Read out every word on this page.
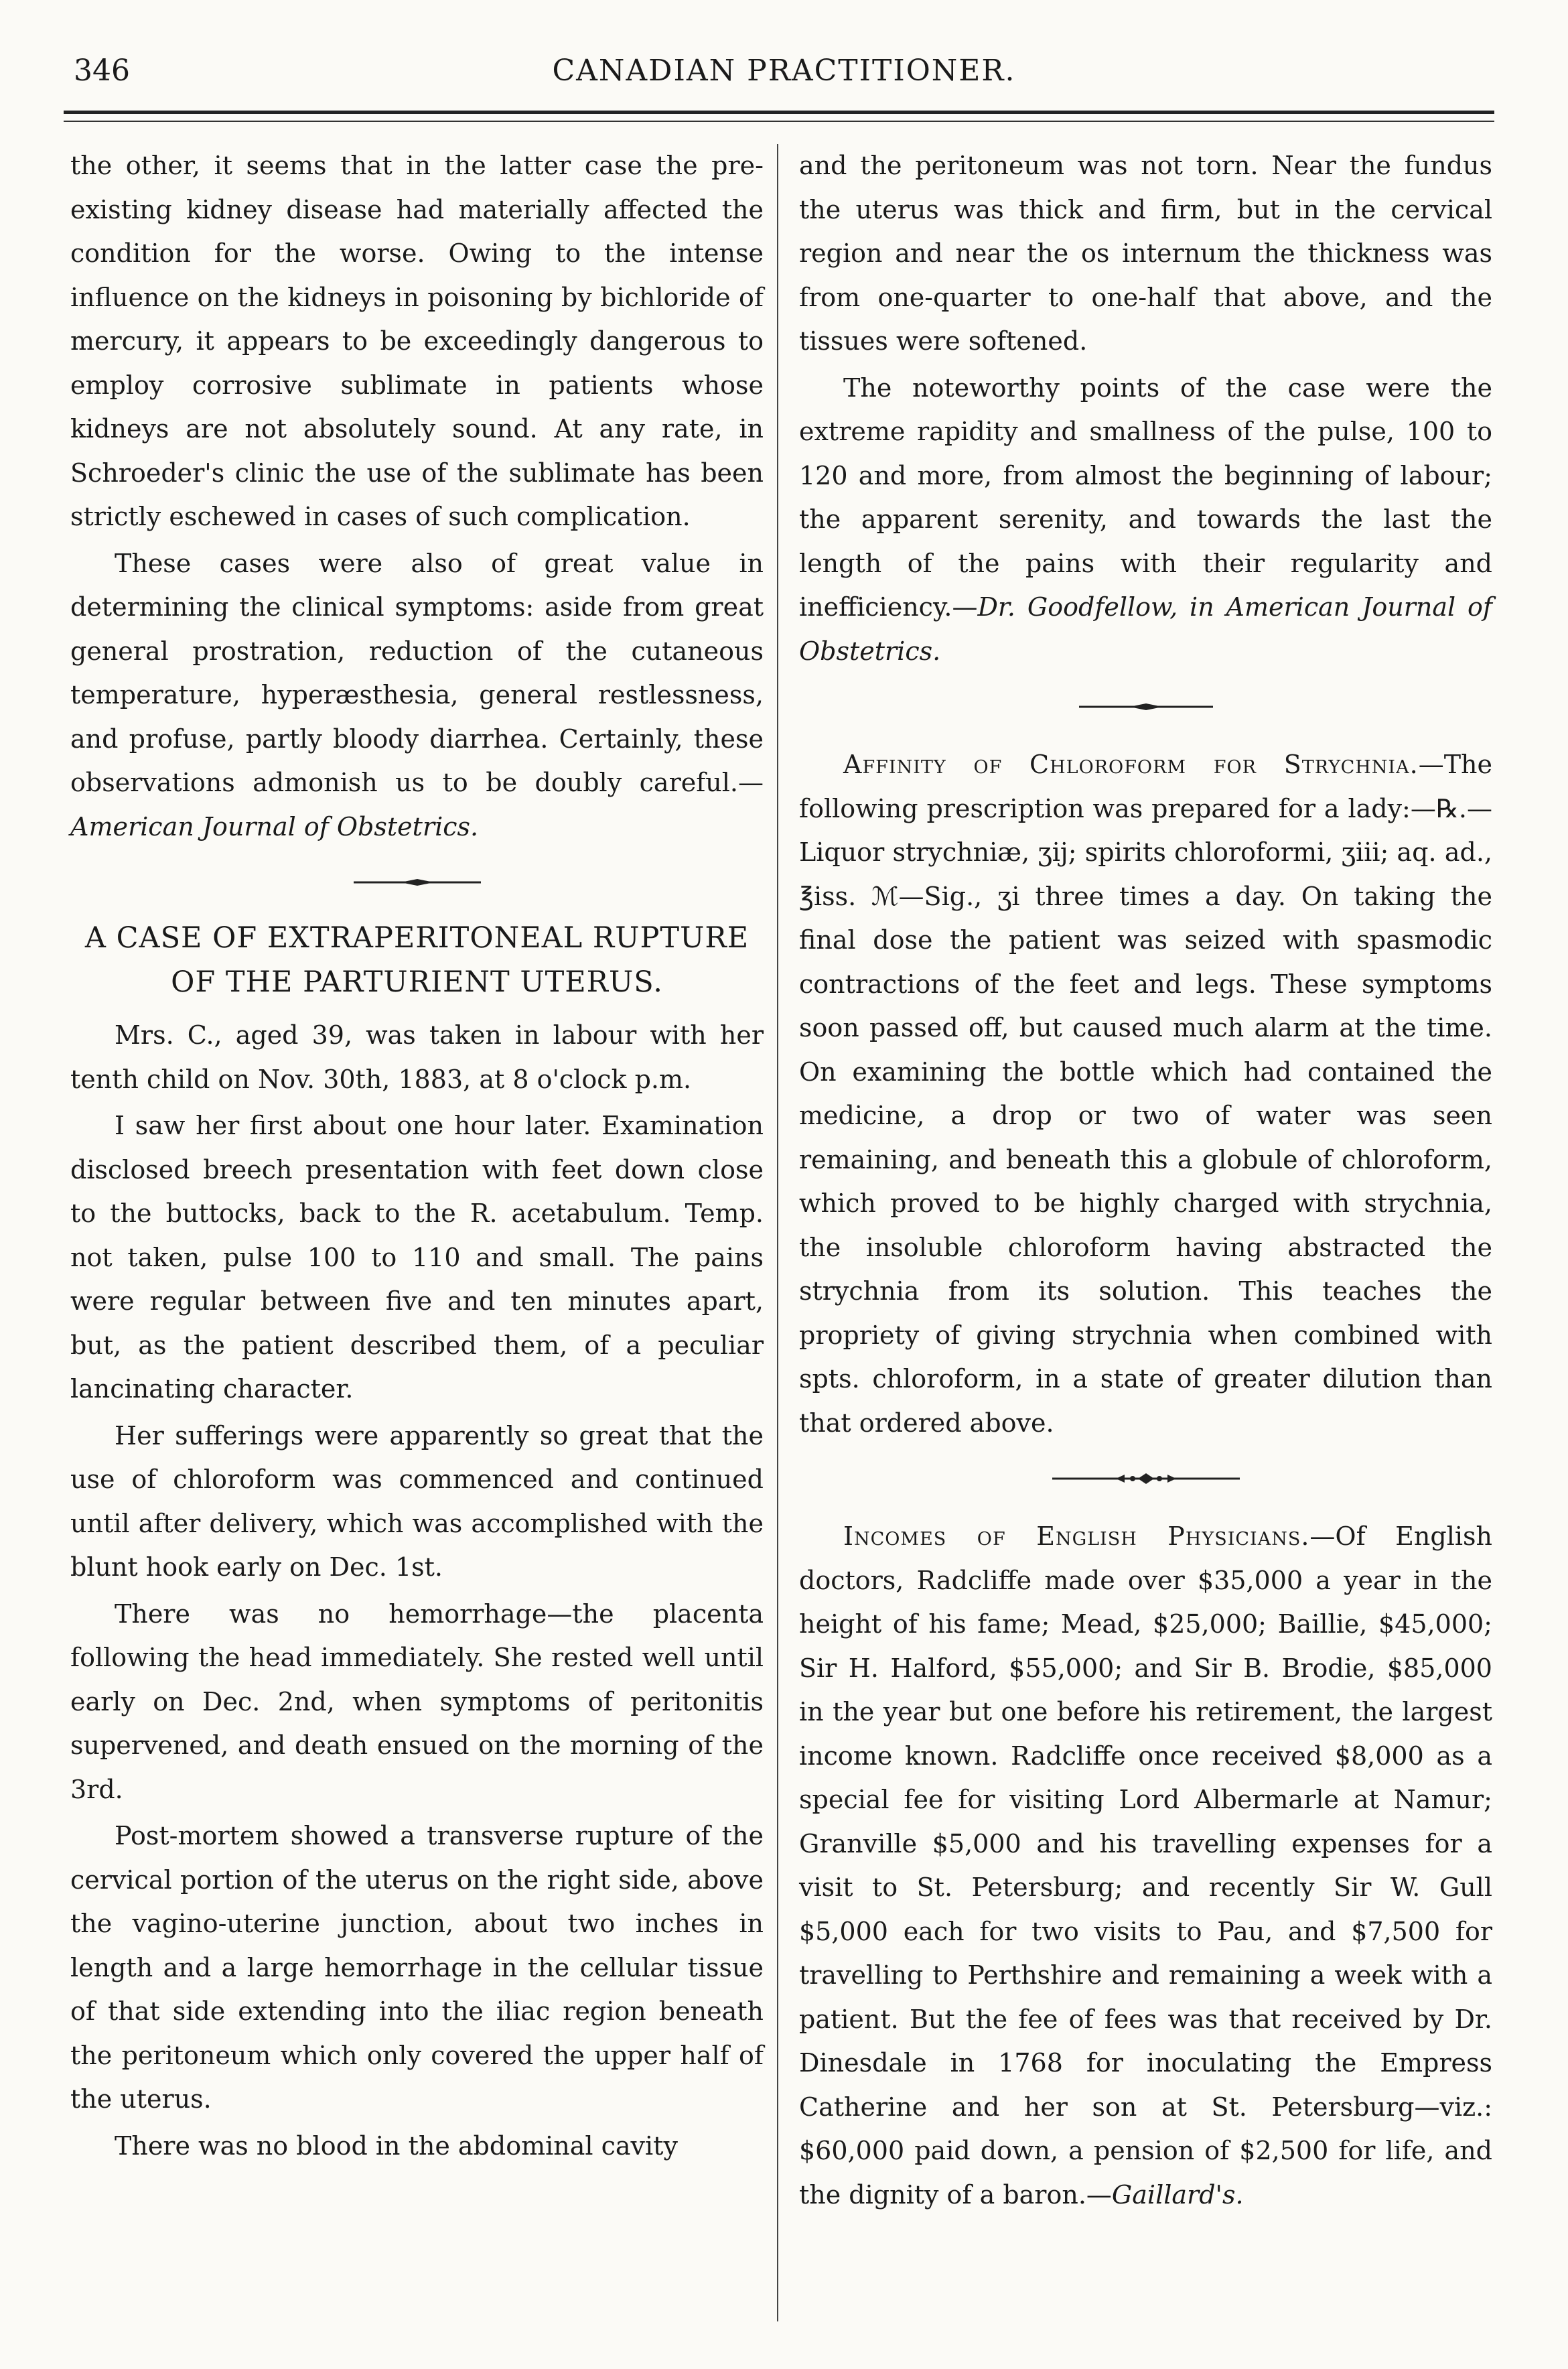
346	CANADIAN PRACTITIONER.

the other, it seems that in the latter case the pre-existing kidney disease had materially affected the condition for the worse. Owing to the intense influence on the kidneys in poisoning by bichloride of mercury, it appears to be exceedingly dangerous to employ corrosive sublimate in patients whose kidneys are not absolutely sound. At any rate, in Schroeder's clinic the use of the sublimate has been strictly eschewed in cases of such complication.

These cases were also of great value in determining the clinical symptoms: aside from great general prostration, reduction of the cutaneous temperature, hyperæsthesia, general restlessness, and profuse, partly bloody diarrhea. Certainly, these observations admonish us to be doubly careful.—American Journal of Obstetrics.

A CASE OF EXTRAPERITONEAL RUPTURE OF THE PARTURIENT UTERUS.

Mrs. C., aged 39, was taken in labour with her tenth child on Nov. 30th, 1883, at 8 o'clock p.m.

I saw her first about one hour later. Examination disclosed breech presentation with feet down close to the buttocks, back to the R. acetabulum. Temp. not taken, pulse 100 to 110 and small. The pains were regular between five and ten minutes apart, but, as the patient described them, of a peculiar lancinating character.

Her sufferings were apparently so great that the use of chloroform was commenced and continued until after delivery, which was accomplished with the blunt hook early on Dec. 1st.

There was no hemorrhage—the placenta following the head immediately. She rested well until early on Dec. 2nd, when symptoms of peritonitis supervened, and death ensued on the morning of the 3rd.

Post-mortem showed a transverse rupture of the cervical portion of the uterus on the right side, above the vagino-uterine junction, about two inches in length and a large hemorrhage in the cellular tissue of that side extending into the iliac region beneath the peritoneum which only covered the upper half of the uterus.

There was no blood in the abdominal cavity

and the peritoneum was not torn. Near the fundus the uterus was thick and firm, but in the cervical region and near the os internum the thickness was from one-quarter to one-half that above, and the tissues were softened.

The noteworthy points of the case were the extreme rapidity and smallness of the pulse, 100 to 120 and more, from almost the beginning of labour; the apparent serenity, and towards the last the length of the pains with their regularity and inefficiency.—Dr. Goodfellow, in American Journal of Obstetrics.

Affinity of Chloroform for Strychnia.—The following prescription was prepared for a lady:—℞.—Liquor strychniæ, ʒij; spirits chloroformi, ʒiii; aq. ad., ℥iss. ℳ—Sig., ʒi three times a day. On taking the final dose the patient was seized with spasmodic contractions of the feet and legs. These symptoms soon passed off, but caused much alarm at the time. On examining the bottle which had contained the medicine, a drop or two of water was seen remaining, and beneath this a globule of chloroform, which proved to be highly charged with strychnia, the insoluble chloroform having abstracted the strychnia from its solution. This teaches the propriety of giving strychnia when combined with spts. chloroform, in a state of greater dilution than that ordered above.

Incomes of English Physicians.—Of English doctors, Radcliffe made over $35,000 a year in the height of his fame; Mead, $25,000; Baillie, $45,000; Sir H. Halford, $55,000; and Sir B. Brodie, $85,000 in the year but one before his retirement, the largest income known. Radcliffe once received $8,000 as a special fee for visiting Lord Albermarle at Namur; Granville $5,000 and his travelling expenses for a visit to St. Petersburg; and recently Sir W. Gull $5,000 each for two visits to Pau, and $7,500 for travelling to Perthshire and remaining a week with a patient. But the fee of fees was that received by Dr. Dinesdale in 1768 for inoculating the Empress Catherine and her son at St. Petersburg—viz.: $60,000 paid down, a pension of $2,500 for life, and the dignity of a baron.—Gaillard's.
